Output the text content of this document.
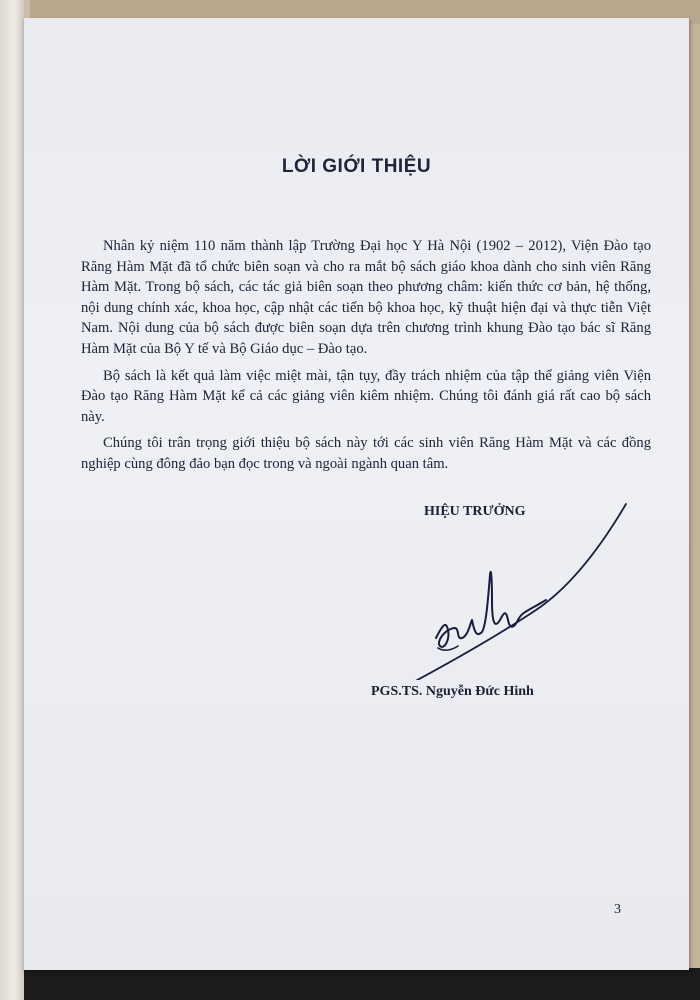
LỜI GIỚI THIỆU

Nhân kỷ niệm 110 năm thành lập Trường Đại học Y Hà Nội (1902 – 2012), Viện Đào tạo Răng Hàm Mặt đã tổ chức biên soạn và cho ra mắt bộ sách giáo khoa dành cho sinh viên Răng Hàm Mặt. Trong bộ sách, các tác giả biên soạn theo phương châm: kiến thức cơ bản, hệ thống, nội dung chính xác, khoa học, cập nhật các tiến bộ khoa học, kỹ thuật hiện đại và thực tiễn Việt Nam. Nội dung của bộ sách được biên soạn dựa trên chương trình khung Đào tạo bác sĩ Răng Hàm Mặt của Bộ Y tế và Bộ Giáo dục – Đào tạo.

Bộ sách là kết quả làm việc miệt mài, tận tụy, đầy trách nhiệm của tập thể giảng viên Viện Đào tạo Răng Hàm Mặt kể cả các giảng viên kiêm nhiệm. Chúng tôi đánh giá rất cao bộ sách này.

Chúng tôi trân trọng giới thiệu bộ sách này tới các sinh viên Răng Hàm Mặt và các đồng nghiệp cùng đông đảo bạn đọc trong và ngoài ngành quan tâm.

HIỆU TRƯỞNG
PGS.TS. Nguyễn Đức Hinh
3
